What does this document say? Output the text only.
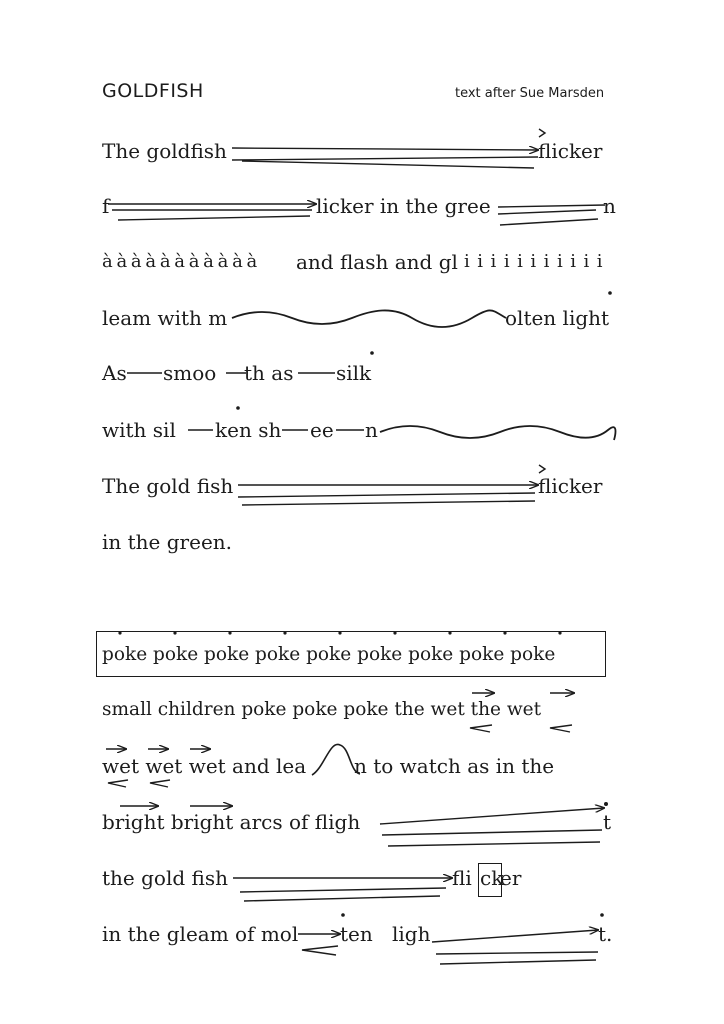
GOLDFISH	text after Sue Marsden
The goldfish	flicker
f	licker in the gree	n
à à à à à à à à à à à and flash and gl i i i i i i i i i i i
leam with m	olten light
As smoo th as silk
with sil ken sh ee n
The gold fish	flicker
in the green.
poke poke poke poke poke poke poke poke poke
small children poke poke poke the wet the wet
wet wet wet and lea n to watch as in the
bright bright arcs of fligh	t
the gold fish	fli ck
er
in the gleam of mol ten ligh	t.
